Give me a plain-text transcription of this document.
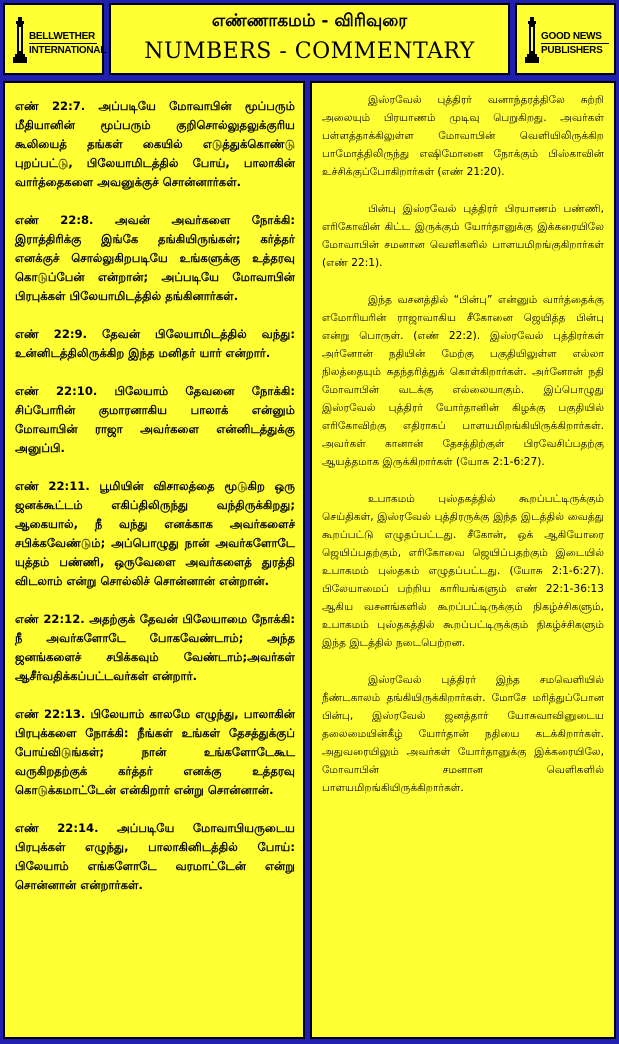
BELLWETHER
INTERNATIONAL
எண்ணாகமம் - விரிவுரை
NUMBERS - COMMENTARY
GOOD NEWS
PUBLISHERS

எண் 22:7. அப்படியே மோவாபின் மூப்பரும் மீதியானின் மூப்பரும் குறிசொல்லுதலுக்குரிய கூலியைத் தங்கள் கையில் எடுத்துக்கொண்டு புறப்பட்டு, பிலேயாமிடத்தில் போய், பாலாகின் வார்த்தைகளை அவனுக்குச் சொன்னார்கள்.

எண் 22:8. அவன் அவர்களை நோக்கி: இராத்திரிக்கு இங்கே தங்கியிருங்கள்; கர்த்தர் எனக்குச் சொல்லுகிறபடியே உங்களுக்கு உத்தரவு கொடுப்பேன் என்றான்; அப்படியே மோவாபின் பிரபுக்கள் பிலேயாமிடத்தில் தங்கினார்கள்.

எண் 22:9. தேவன் பிலேயாமிடத்தில் வந்து: உன்னிடத்திலிருக்கிற இந்த மனிதர் யார் என்றார்.

எண் 22:10. பிலேயாம் தேவனை நோக்கி: சிப்போரின் குமாரனாகிய பாலாக் என்னும் மோவாபின் ராஜா அவர்களை என்னிடத்துக்கு அனுப்பி.

எண் 22:11. பூமியின் விசாலத்தை மூடுகிற ஒரு ஜனக்கூட்டம் எகிப்திலிருந்து வந்திருக்கிறது; ஆகையால், நீ வந்து எனக்காக அவர்களைச் சபிக்கவேண்டும்; அப்பொழுது நான் அவர்களோடே யுத்தம் பண்ணி, ஒருவேளை அவர்களைத் துரத்தி விடலாம் என்று சொல்லிச் சொன்னான் என்றான்.

எண் 22:12. அதற்குக் தேவன் பிலேயாமை நோக்கி: நீ அவர்களோடே போகவேண்டாம்; அந்த ஜனங்களைச் சபிக்கவும் வேண்டாம்;அவர்கள் ஆசீர்வதிக்கப்பட்டவர்கள் என்றார்.

எண் 22:13. பிலேயாம் காலமே எழுந்து, பாலாகின் பிரபுக்களை நோக்கி: நீங்கள் உங்கள் தேசத்துக்குப் போய்விடுங்கள்; நான் உங்களோடேகூட வருகிறதற்குக் கர்த்தர் எனக்கு உத்தரவு கொடுக்கமாட்டேன் என்கிறார் என்று சொன்னான்.

எண் 22:14. அப்படியே மோவாபியருடைய பிரபுக்கள் எழுந்து, பாலாகினிடத்தில் போய்: பிலேயாம் எங்களோடே வரமாட்டேன் என்று சொன்னான் என்றார்கள்.

இஸ்ரவேல் புத்திரர் வனாந்தரத்திலே சுற்றி அலையும் பிரயாணம் முடிவு பெறுகிறது. அவர்கள் பள்ளத்தாக்கிலுள்ள மோவாபின் வெளியிலிருக்கிற பாமோத்திலிருந்து எஷிமோனை நோக்கும் பிஸ்காவின் உச்சிக்குப்போகிறார்கள் (எண் 21:20).

பின்பு இஸ்ரவேல் புத்திரர் பிரயாணம் பண்ணி, எரிகோவின் கிட்ட இருக்கும் யோர்தானுக்கு இக்கரையிலே மோவாபின் சமனான வெளிகளில் பாளயமிறங்குகிறார்கள் (எண் 22:1).

இந்த வசனத்தில் “பின்பு” என்னும் வார்த்தைக்கு எமோரியரின் ராஜாவாகிய சீகோனை ஜெயித்த பின்பு என்று பொருள். (எண் 22:2). இஸ்ரவேல் புத்திரர்கள் அர்னோன் நதியின் மேற்கு பகுதியிலுள்ள எல்லா நிலத்தையும் சுதந்தரித்துக் கொள்கிறார்கள். அர்னோன் நதி மோவாபின் வடக்கு எல்லையாகும். இப்பொழுது இஸ்ரவேல் புத்திரர் யோர்தானின் கிழக்கு பகுதியில் எரிகோவிற்கு எதிராகப் பாளயமிறங்கியிருக்கிறார்கள். அவர்கள் கானான் தேசத்திற்குள் பிரவேசிப்பதற்கு ஆயத்தமாக இருக்கிறார்கள் (யோசு 2:1-6:27).

உபாகமம் புஸ்தகத்தில் கூறப்பட்டிருக்கும் செய்திகள், இஸ்ரவேல் புத்திரருக்கு இந்த இடத்தில் வைத்து கூறப்பட்டு எழுதப்பட்டது. சீகோன், ஒக் ஆகியோரை ஜெயிப்பதற்கும், எரிகோவை ஜெயிப்பதற்கும் இடையில் உபாகமம் புஸ்தகம் எழுதப்பட்டது. (யோசு 2:1-6:27). பிலேயாமைப் பற்றிய காரியங்களும் எண் 22:1-36:13 ஆகிய வசனங்களில் கூறப்பட்டிருக்கும் நிகழ்ச்சிகளும், உபாகமம் புஸ்தகத்தில் கூறப்பட்டிருக்கும் நிகழ்ச்சிகளும் இந்த இடத்தில் நடைபெற்றன.

இஸ்ரவேல் புத்திரர் இந்த சமவெளியில் நீண்டகாலம் தங்கியிருக்கிறார்கள். மோசே மரித்துப்போன பின்பு, இஸ்ரவேல் ஜனத்தார் யோசுவாவினுடைய தலைமையின்கீழ் யோர்தான் நதியை கடக்கிறார்கள். அதுவரையிலும் அவர்கள் யோர்தானுக்கு இக்கரையிலே, மோவாபின் சமனான வெளிகளில் பாளயமிறங்கியிருக்கிறார்கள்.
